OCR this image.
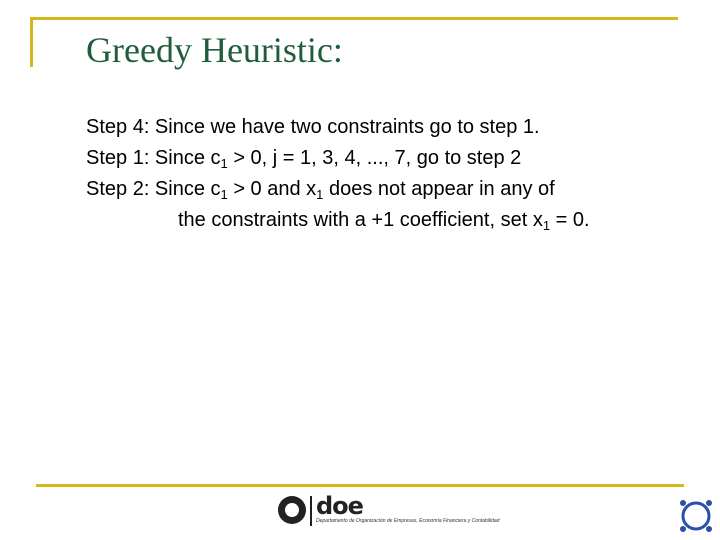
Greedy Heuristic:
Step 4: Since we have two constraints go to step 1.
Step 1: Since $c_1 > 0$, j = 1, 3, 4, ..., 7, go to step 2
Step 2: Since $c_1 > 0$ and $x_1$ does not appear in any of
the constraints with a +1 coefficient, set $x_1 = 0$.
doe
Departamento de Organización de Empresas, Economía Financiera y Contabilidad
